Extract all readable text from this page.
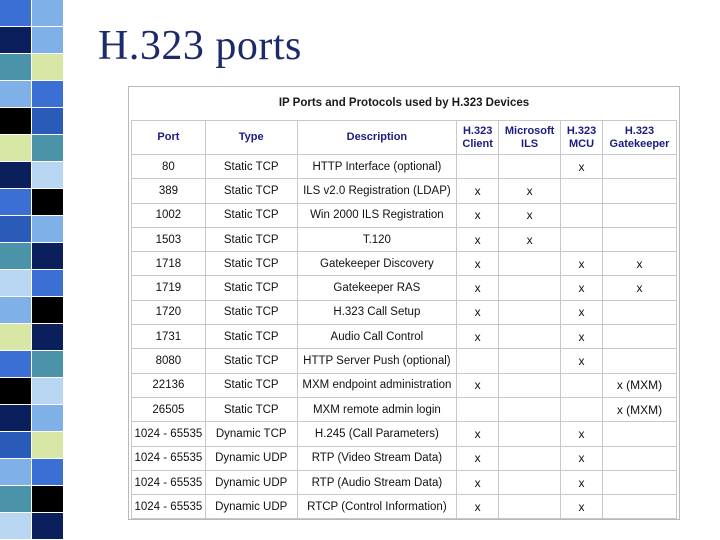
H.323 ports
IP Ports and Protocols used by H.323 Devices
Port	Type	Description	H.323 Client	Microsoft ILS	H.323 MCU	H.323 Gatekeeper
80	Static TCP	HTTP Interface (optional)			x	
389	Static TCP	ILS v2.0 Registration (LDAP)	x	x		
1002	Static TCP	Win 2000 ILS Registration	x	x		
1503	Static TCP	T.120	x	x		
1718	Static TCP	Gatekeeper Discovery	x		x	x
1719	Static TCP	Gatekeeper RAS	x		x	x
1720	Static TCP	H.323 Call Setup	x		x	
1731	Static TCP	Audio Call Control	x		x	
8080	Static TCP	HTTP Server Push (optional)			x	
22136	Static TCP	MXM endpoint administration	x			x (MXM)
26505	Static TCP	MXM remote admin login				x (MXM)
1024 - 65535	Dynamic TCP	H.245 (Call Parameters)	x		x	
1024 - 65535	Dynamic UDP	RTP (Video Stream Data)	x		x	
1024 - 65535	Dynamic UDP	RTP (Audio Stream Data)	x		x	
1024 - 65535	Dynamic UDP	RTCP (Control Information)	x		x	
